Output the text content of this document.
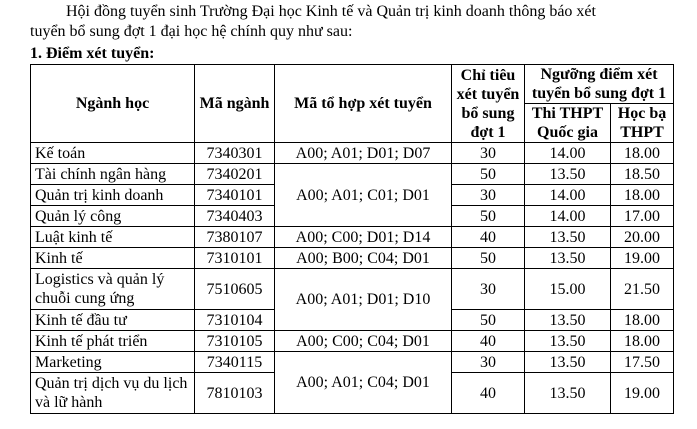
Hội đồng tuyển sinh Trường Đại học Kinh tế và Quản trị kinh doanh thông báo xét
tuyển bổ sung đợt 1 đại học hệ chính quy như sau:

1. Điểm xét tuyển:

Ngành học	Mã ngành	Mã tổ hợp xét tuyển	Chỉ tiêu xét tuyển bổ sung đợt 1	Ngưỡng điểm xét tuyển bổ sung đợt 1	
				Thi THPT Quốc gia	Học bạ THPT
Kế toán	7340301	A00; A01; D01; D07	30	14.00	18.00
Tài chính ngân hàng	7340201	A00; A01; C01; D01	50	13.50	18.50
Quản trị kinh doanh	7340101		30	14.00	18.00
Quản lý công	7340403		50	14.00	17.00
Luật kinh tế	7380107	A00; C00; D01; D14	40	13.50	20.00
Kinh tế	7310101	A00; B00; C04; D01	50	13.50	19.00
Logistics và quản lý chuỗi cung ứng	7510605	A00; A01; D01; D10	30	15.00	21.50
Kinh tế đầu tư	7310104		50	13.50	18.00
Kinh tế phát triển	7310105	A00; C00; C04; D01	40	13.50	18.00
Marketing	7340115	A00; A01; C04; D01	30	13.50	17.50
Quản trị dịch vụ du lịch và lữ hành	7810103		40	13.50	19.00
